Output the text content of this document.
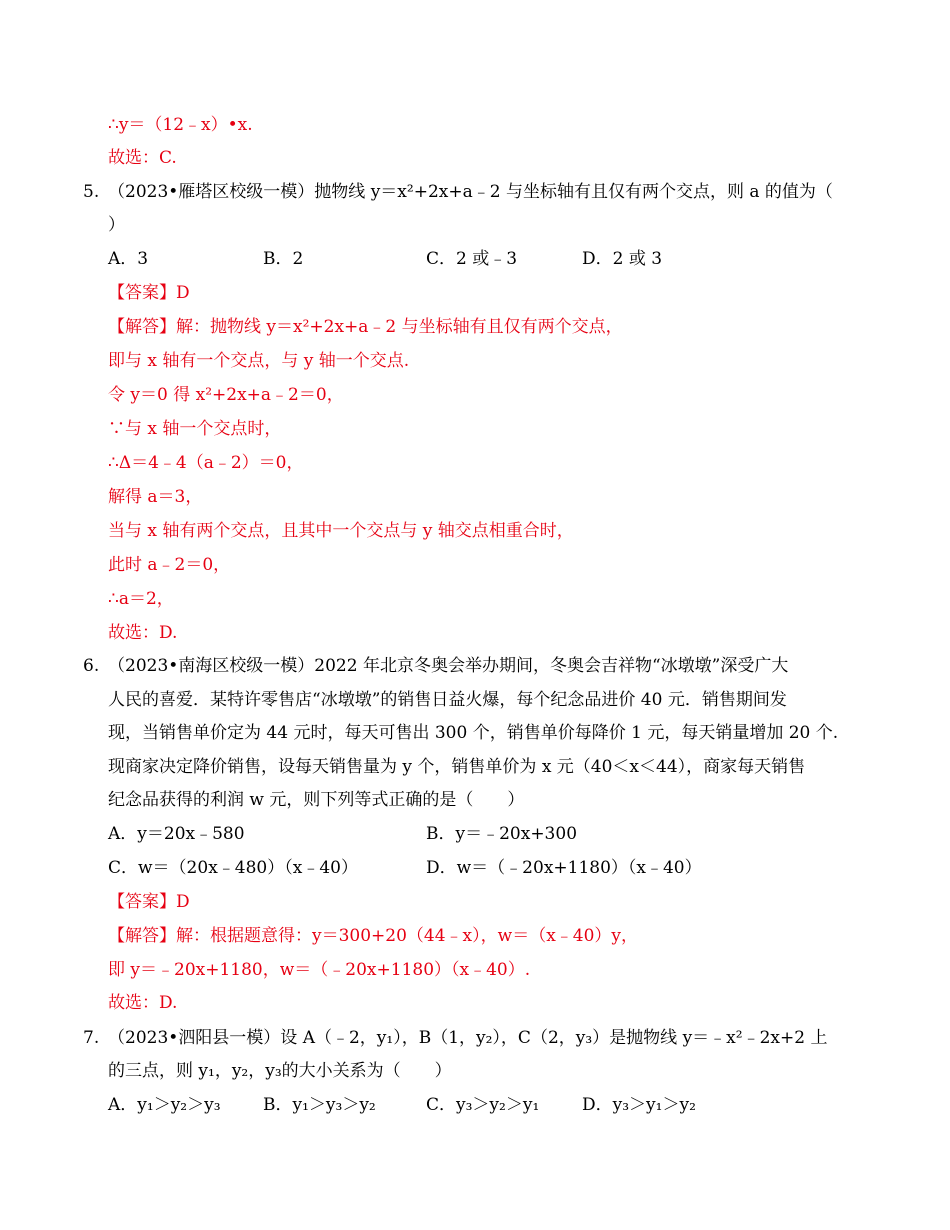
∴y＝（12﹣x）•x.
故选：C.
5. （2023•雁塔区校级一模）抛物线 y＝x²+2x+a﹣2 与坐标轴有且仅有两个交点，则 a 的值为（
）
A．3	B．2	C．2 或﹣3	D．2 或 3
【答案】D
【解答】解：抛物线 y＝x²+2x+a﹣2 与坐标轴有且仅有两个交点，
即与 x 轴有一个交点，与 y 轴一个交点.
令 y＝0 得 x²+2x+a﹣2＝0，
∵与 x 轴一个交点时，
∴Δ＝4﹣4（a﹣2）＝0，
解得 a＝3，
当与 x 轴有两个交点，且其中一个交点与 y 轴交点相重合时，
此时 a﹣2＝0，
∴a＝2，
故选：D.
6. （2023•南海区校级一模）2022 年北京冬奥会举办期间，冬奥会吉祥物“冰墩墩”深受广大
人民的喜爱．某特许零售店“冰墩墩”的销售日益火爆，每个纪念品进价 40 元．销售期间发
现，当销售单价定为 44 元时，每天可售出 300 个，销售单价每降价 1 元，每天销量增加 20 个.
现商家决定降价销售，设每天销售量为 y 个，销售单价为 x 元（40＜x＜44），商家每天销售
纪念品获得的利润 w 元，则下列等式正确的是（　　）
A．y＝20x﹣580	B．y＝﹣20x+300
C．w＝（20x﹣480）（x﹣40）	D．w＝（﹣20x+1180）（x﹣40）
【答案】D
【解答】解：根据题意得：y＝300+20（44﹣x），w＝（x﹣40）y，
即 y＝﹣20x+1180，w＝（﹣20x+1180）（x﹣40）.
故选：D.
7. （2023•泗阳县一模）设 A（﹣2，y₁），B（1，y₂），C（2，y₃）是抛物线 y＝﹣x²﹣2x+2 上
的三点，则 y₁，y₂，y₃的大小关系为（　　）
A．y₁＞y₂＞y₃ B．y₁＞y₃＞y₂	C．y₃＞y₂＞y₁	D．y₃＞y₁＞y₂
